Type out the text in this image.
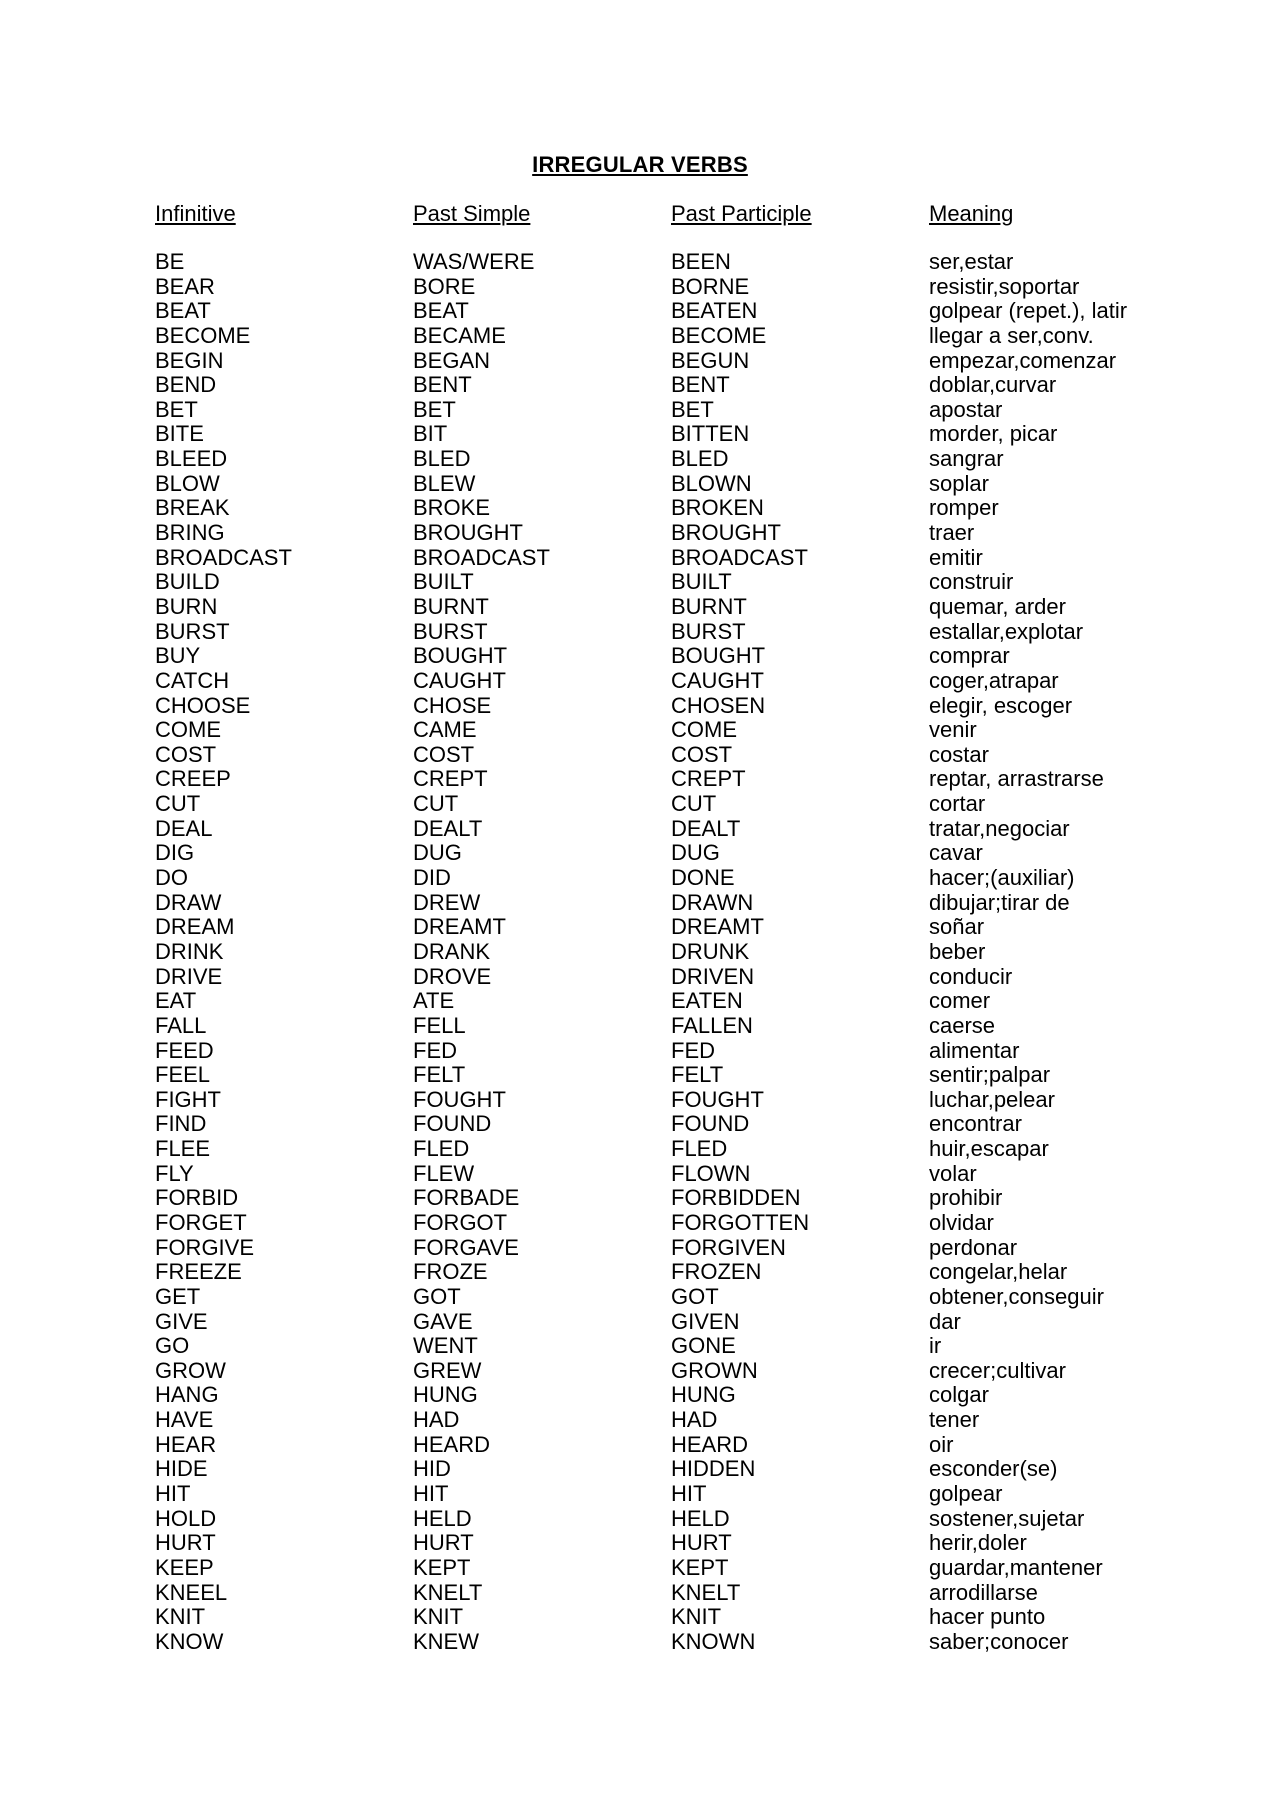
IRREGULAR VERBS
Infinitive	Past Simple	Past Participle	Meaning
BE	WAS/WERE	BEEN	ser,estar
BEAR	BORE	BORNE	resistir,soportar
BEAT	BEAT	BEATEN	golpear (repet.), latir
BECOME	BECAME	BECOME	llegar a ser,conv.
BEGIN	BEGAN	BEGUN	empezar,comenzar
BEND	BENT	BENT	doblar,curvar
BET	BET	BET	apostar
BITE	BIT	BITTEN	morder, picar
BLEED	BLED	BLED	sangrar
BLOW	BLEW	BLOWN	soplar
BREAK	BROKE	BROKEN	romper
BRING	BROUGHT	BROUGHT	traer
BROADCAST	BROADCAST	BROADCAST	emitir
BUILD	BUILT	BUILT	construir
BURN	BURNT	BURNT	quemar, arder
BURST	BURST	BURST	estallar,explotar
BUY	BOUGHT	BOUGHT	comprar
CATCH	CAUGHT	CAUGHT	coger,atrapar
CHOOSE	CHOSE	CHOSEN	elegir, escoger
COME	CAME	COME	venir
COST	COST	COST	costar
CREEP	CREPT	CREPT	reptar, arrastrarse
CUT	CUT	CUT	cortar
DEAL	DEALT	DEALT	tratar,negociar
DIG	DUG	DUG	cavar
DO	DID	DONE	hacer;(auxiliar)
DRAW	DREW	DRAWN	dibujar;tirar de
DREAM	DREAMT	DREAMT	soñar
DRINK	DRANK	DRUNK	beber
DRIVE	DROVE	DRIVEN	conducir
EAT	ATE	EATEN	comer
FALL	FELL	FALLEN	caerse
FEED	FED	FED	alimentar
FEEL	FELT	FELT	sentir;palpar
FIGHT	FOUGHT	FOUGHT	luchar,pelear
FIND	FOUND	FOUND	encontrar
FLEE	FLED	FLED	huir,escapar
FLY	FLEW	FLOWN	volar
FORBID	FORBADE	FORBIDDEN	prohibir
FORGET	FORGOT	FORGOTTEN	olvidar
FORGIVE	FORGAVE	FORGIVEN	perdonar
FREEZE	FROZE	FROZEN	congelar,helar
GET	GOT	GOT	obtener,conseguir
GIVE	GAVE	GIVEN	dar
GO	WENT	GONE	ir
GROW	GREW	GROWN	crecer;cultivar
HANG	HUNG	HUNG	colgar
HAVE	HAD	HAD	tener
HEAR	HEARD	HEARD	oir
HIDE	HID	HIDDEN	esconder(se)
HIT	HIT	HIT	golpear
HOLD	HELD	HELD	sostener,sujetar
HURT	HURT	HURT	herir,doler
KEEP	KEPT	KEPT	guardar,mantener
KNEEL	KNELT	KNELT	arrodillarse
KNIT	KNIT	KNIT	hacer punto
KNOW	KNEW	KNOWN	saber;conocer
